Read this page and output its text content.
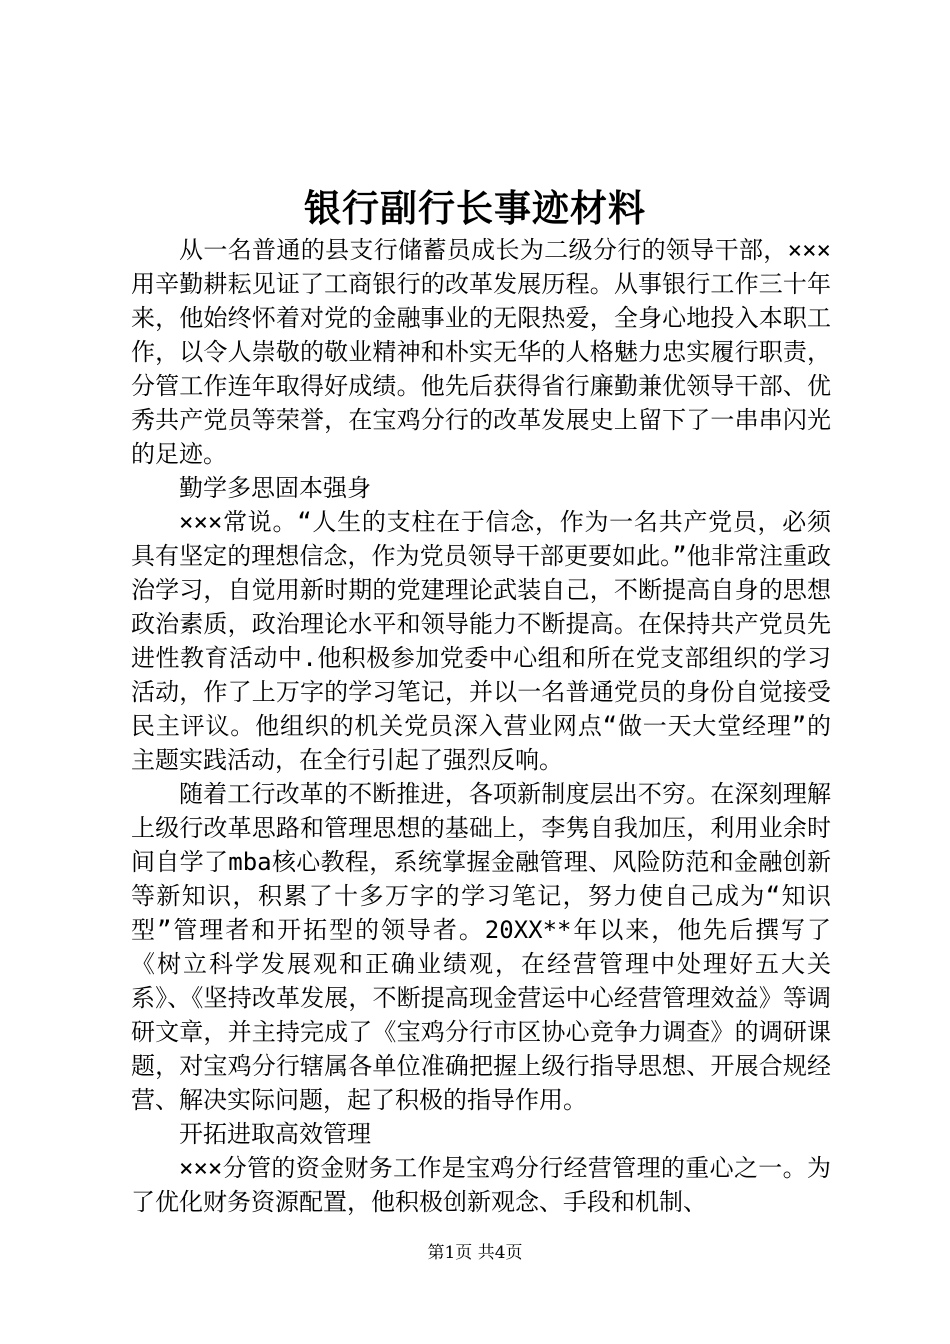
银行副行长事迹材料

从一名普通的县支行储蓄员成长为二级分行的领导干部，×××用辛勤耕耘见证了工商银行的改革发展历程。从事银行工作三十年来，他始终怀着对党的金融事业的无限热爱，全身心地投入本职工作，以令人崇敬的敬业精神和朴实无华的人格魅力忠实履行职责，分管工作连年取得好成绩。他先后获得省行廉勤兼优领导干部、优秀共产党员等荣誉，在宝鸡分行的改革发展史上留下了一串串闪光的足迹。

勤学多思固本强身

×××常说。“人生的支柱在于信念，作为一名共产党员，必须具有坚定的理想信念，作为党员领导干部更要如此。”他非常注重政治学习，自觉用新时期的党建理论武装自己，不断提高自身的思想政治素质，政治理论水平和领导能力不断提高。在保持共产党员先进性教育活动中.他积极参加党委中心组和所在党支部组织的学习活动，作了上万字的学习笔记，并以一名普通党员的身份自觉接受民主评议。他组织的机关党员深入营业网点“做一天大堂经理”的主题实践活动，在全行引起了强烈反响。

随着工行改革的不断推进，各项新制度层出不穷。在深刻理解上级行改革思路和管理思想的基础上，李隽自我加压，利用业余时间自学了mba核心教程，系统掌握金融管理、风险防范和金融创新等新知识，积累了十多万字的学习笔记，努力使自己成为“知识型”管理者和开拓型的领导者。20XX**年以来，他先后撰写了《树立科学发展观和正确业绩观，在经营管理中处理好五大关系》、《坚持改革发展，不断提高现金营运中心经营管理效益》等调研文章，并主持完成了《宝鸡分行市区协心竞争力调查》的调研课题，对宝鸡分行辖属各单位准确把握上级行指导思想、开展合规经营、解决实际问题，起了积极的指导作用。

开拓进取高效管理

×××分管的资金财务工作是宝鸡分行经营管理的重心之一。为了优化财务资源配置，他积极创新观念、手段和机制、

第1页 共4页
